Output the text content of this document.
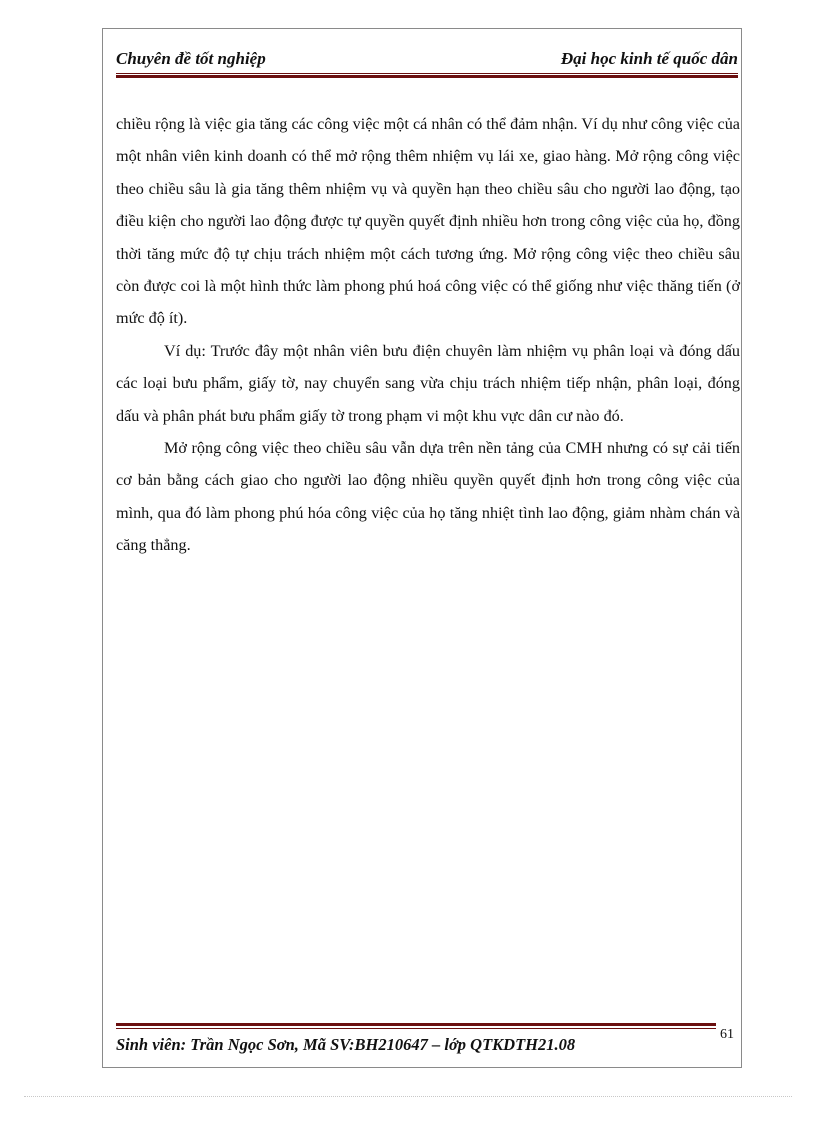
Chuyên đề tốt nghiệp	Đại học kinh tế quốc dân

chiều rộng là việc gia tăng các công việc một cá nhân có thể đảm nhận. Ví dụ như công việc của một nhân viên kinh doanh có thể mở rộng thêm nhiệm vụ lái xe, giao hàng. Mở rộng công việc theo chiều sâu là gia tăng thêm nhiệm vụ và quyền hạn theo chiều sâu cho người lao động, tạo điều kiện cho người lao động được tự quyền quyết định nhiều hơn trong công việc của họ, đồng thời tăng mức độ tự chịu trách nhiệm một cách tương ứng. Mở rộng công việc theo chiều sâu còn được coi là một hình thức làm phong phú hoá công việc có thể giống như việc thăng tiến (ở mức độ ít).

Ví dụ: Trước đây một nhân viên bưu điện chuyên làm nhiệm vụ phân loại và đóng dấu các loại bưu phẩm, giấy tờ, nay chuyển sang vừa chịu trách nhiệm tiếp nhận, phân loại, đóng dấu và phân phát bưu phẩm giấy tờ trong phạm vi một khu vực dân cư nào đó.

Mở rộng công việc theo chiều sâu vẫn dựa trên nền tảng của CMH nhưng có sự cải tiến cơ bản bằng cách giao cho người lao động nhiều quyền quyết định hơn trong công việc của mình, qua đó làm phong phú hóa công việc của họ tăng nhiệt tình lao động, giảm nhàm chán và căng thẳng.

Sinh viên: Trần Ngọc Sơn, Mã SV:BH210647 – lớp QTKDTH21.08
61
